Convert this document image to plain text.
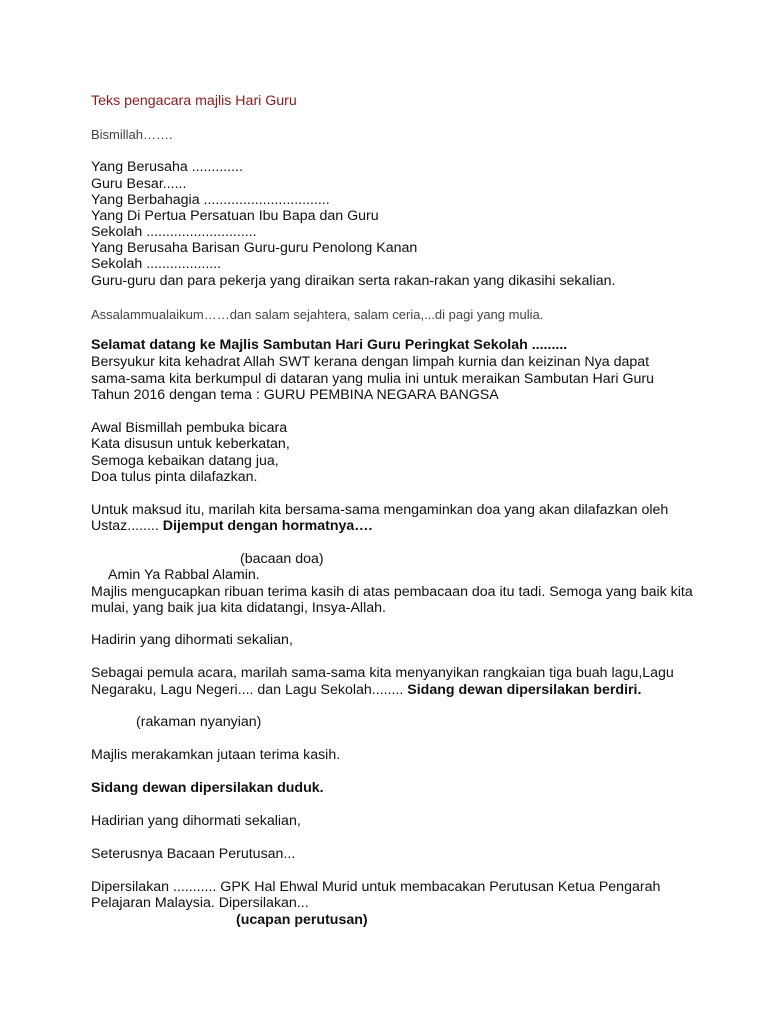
Teks pengacara majlis Hari Guru

Bismillah…….

Yang Berusaha .............

Guru Besar......

Yang Berbahagia ................................

Yang Di Pertua Persatuan Ibu Bapa dan Guru

Sekolah ............................

Yang Berusaha Barisan Guru-guru Penolong Kanan

Sekolah ...................

Guru-guru dan para pekerja yang diraikan serta rakan-rakan yang dikasihi sekalian.

Assalammualaikum……dan salam sejahtera, salam ceria,...di pagi yang mulia.

Selamat datang ke Majlis Sambutan Hari Guru Peringkat Sekolah .........

Bersyukur kita kehadrat Allah SWT kerana dengan limpah kurnia dan keizinan Nya dapat

sama-sama kita berkumpul di dataran yang mulia ini untuk meraikan Sambutan Hari Guru

Tahun 2016 dengan tema : GURU PEMBINA NEGARA BANGSA

Awal Bismillah pembuka bicara

Kata disusun untuk keberkatan,

Semoga kebaikan datang jua,

Doa tulus pinta dilafazkan.

Untuk maksud itu, marilah kita bersama-sama mengaminkan doa yang akan dilafazkan oleh

Ustaz........ Dijemput dengan hormatnya….

(bacaan doa)

Amin Ya Rabbal Alamin.

Majlis mengucapkan ribuan terima kasih di atas pembacaan doa itu tadi. Semoga yang baik kita

mulai, yang baik jua kita didatangi, Insya-Allah.

Hadirin yang dihormati sekalian,

Sebagai pemula acara, marilah sama-sama kita menyanyikan rangkaian tiga buah lagu,Lagu

Negaraku, Lagu Negeri.... dan Lagu Sekolah........ Sidang dewan dipersilakan berdiri.

(rakaman nyanyian)

Majlis merakamkan jutaan terima kasih.

Sidang dewan dipersilakan duduk.

Hadirian yang dihormati sekalian,

Seterusnya Bacaan Perutusan...

Dipersilakan ........... GPK Hal Ehwal Murid untuk membacakan Perutusan Ketua Pengarah

Pelajaran Malaysia. Dipersilakan...

(ucapan perutusan)
